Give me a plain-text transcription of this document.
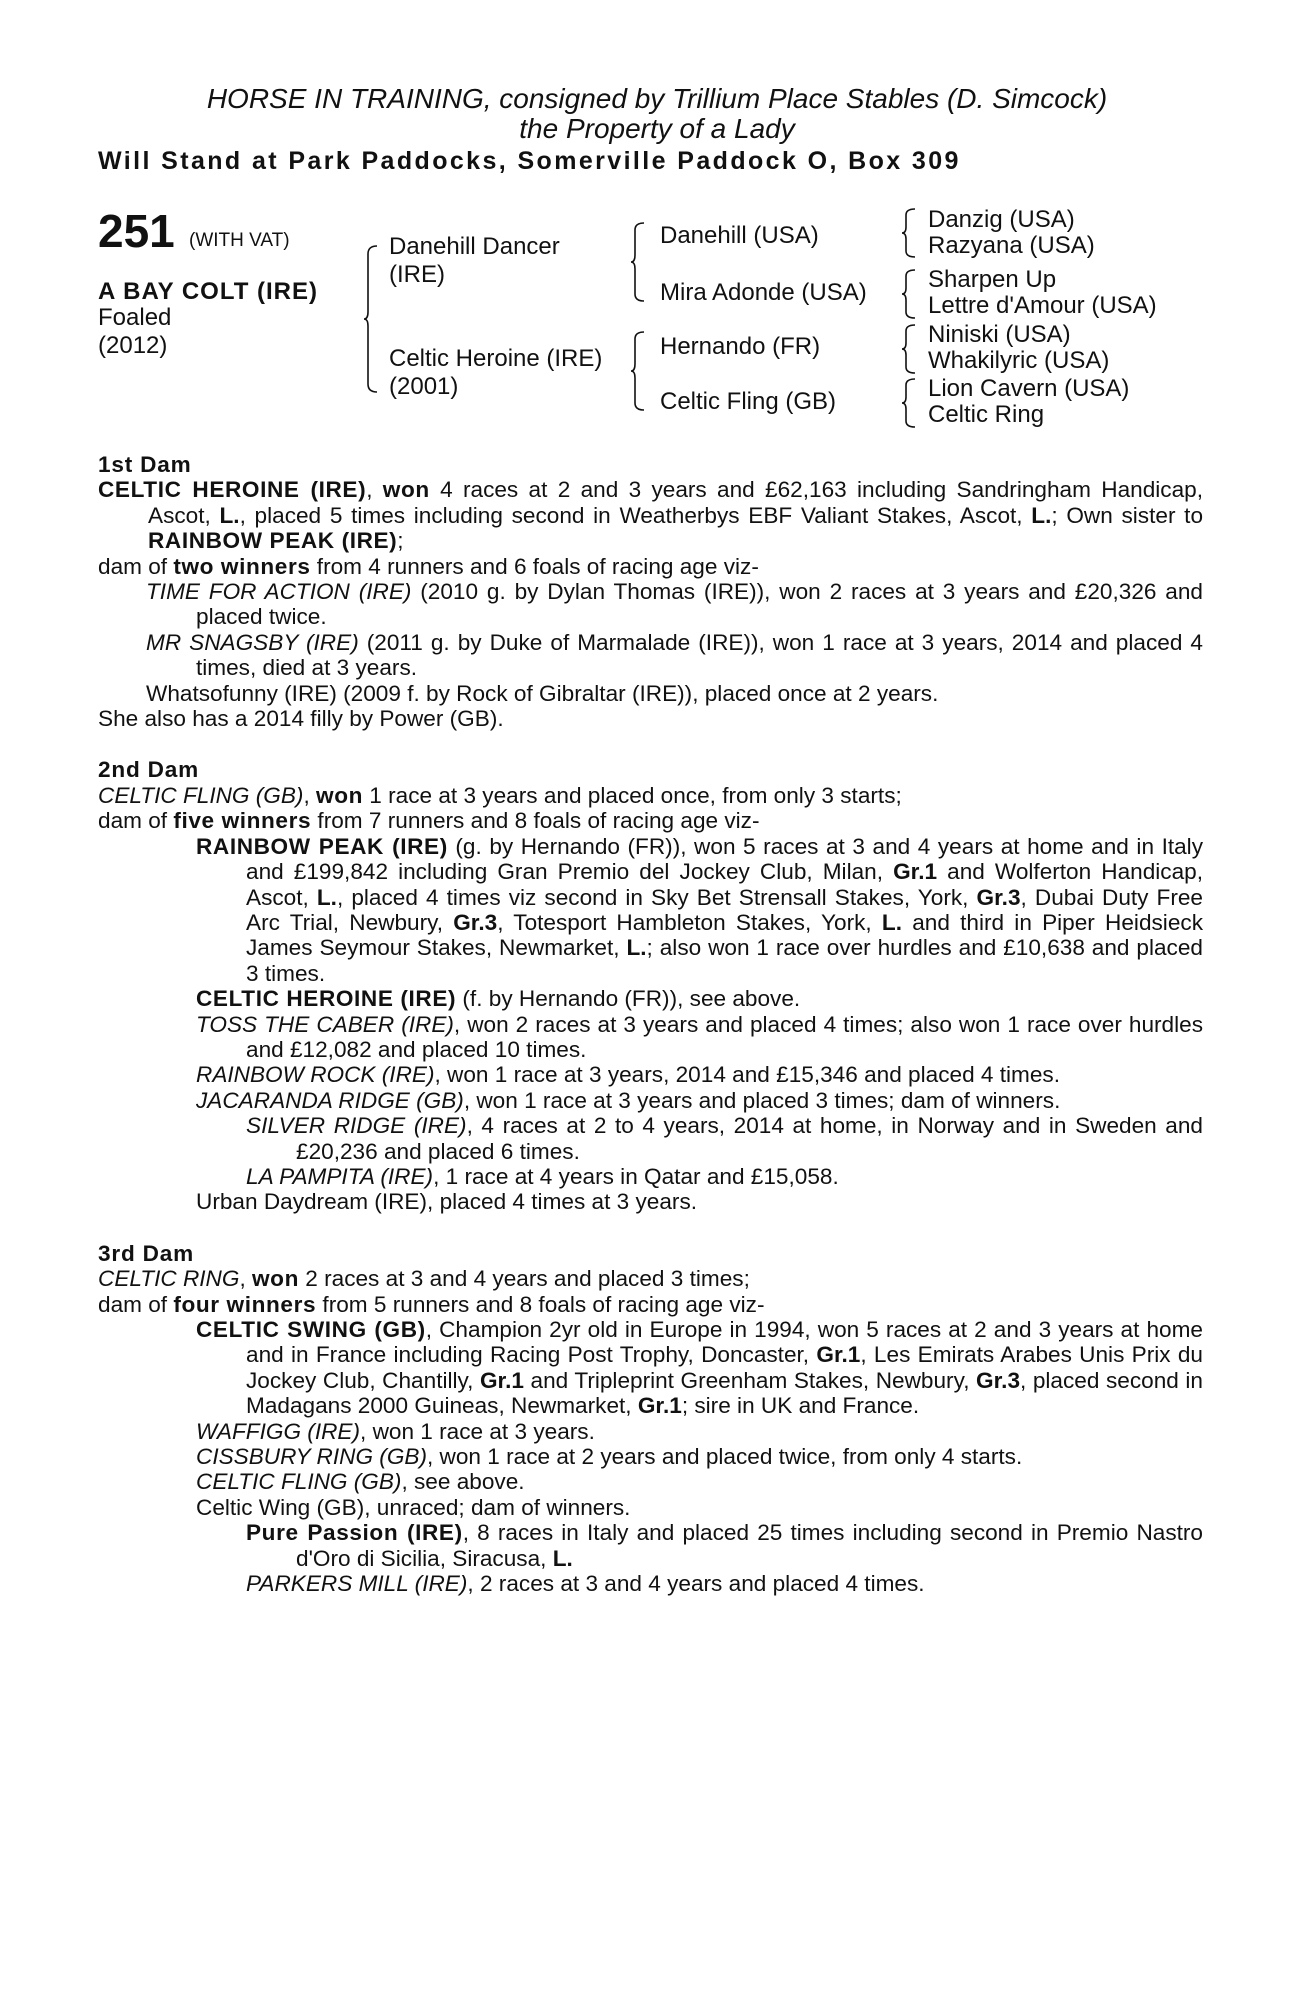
HORSE IN TRAINING, consigned by Trillium Place Stables (D. Simcock)
the Property of a Lady
Will Stand at Park Paddocks, Somerville Paddock O, Box 309
251 (WITH VAT)
A BAY COLT (IRE)
Foaled
(2012)
Danehill Dancer
(IRE)
Celtic Heroine (IRE)
(2001)
Danehill (USA)
Mira Adonde (USA)
Hernando (FR)
Celtic Fling (GB)
Danzig (USA)
Razyana (USA)
Sharpen Up
Lettre d'Amour (USA)
Niniski (USA)
Whakilyric (USA)
Lion Cavern (USA)
Celtic Ring
1st Dam
CELTIC HEROINE (IRE), won 4 races at 2 and 3 years and £62,163 including Sandringham Handicap, Ascot, L., placed 5 times including second in Weatherbys EBF Valiant Stakes, Ascot, L.; Own sister to RAINBOW PEAK (IRE);
dam of two winners from 4 runners and 6 foals of racing age viz-
TIME FOR ACTION (IRE) (2010 g. by Dylan Thomas (IRE)), won 2 races at 3 years and £20,326 and placed twice.
MR SNAGSBY (IRE) (2011 g. by Duke of Marmalade (IRE)), won 1 race at 3 years, 2014 and placed 4 times, died at 3 years.
Whatsofunny (IRE) (2009 f. by Rock of Gibraltar (IRE)), placed once at 2 years.
She also has a 2014 filly by Power (GB).
2nd Dam
CELTIC FLING (GB), won 1 race at 3 years and placed once, from only 3 starts;
dam of five winners from 7 runners and 8 foals of racing age viz-
RAINBOW PEAK (IRE) (g. by Hernando (FR)), won 5 races at 3 and 4 years at home and in Italy and £199,842 including Gran Premio del Jockey Club, Milan, Gr.1 and Wolferton Handicap, Ascot, L., placed 4 times viz second in Sky Bet Strensall Stakes, York, Gr.3, Dubai Duty Free Arc Trial, Newbury, Gr.3, Totesport Hambleton Stakes, York, L. and third in Piper Heidsieck James Seymour Stakes, Newmarket, L.; also won 1 race over hurdles and £10,638 and placed 3 times.
CELTIC HEROINE (IRE) (f. by Hernando (FR)), see above.
TOSS THE CABER (IRE), won 2 races at 3 years and placed 4 times; also won 1 race over hurdles and £12,082 and placed 10 times.
RAINBOW ROCK (IRE), won 1 race at 3 years, 2014 and £15,346 and placed 4 times.
JACARANDA RIDGE (GB), won 1 race at 3 years and placed 3 times; dam of winners.
SILVER RIDGE (IRE), 4 races at 2 to 4 years, 2014 at home, in Norway and in Sweden and £20,236 and placed 6 times.
LA PAMPITA (IRE), 1 race at 4 years in Qatar and £15,058.
Urban Daydream (IRE), placed 4 times at 3 years.
3rd Dam
CELTIC RING, won 2 races at 3 and 4 years and placed 3 times;
dam of four winners from 5 runners and 8 foals of racing age viz-
CELTIC SWING (GB), Champion 2yr old in Europe in 1994, won 5 races at 2 and 3 years at home and in France including Racing Post Trophy, Doncaster, Gr.1, Les Emirats Arabes Unis Prix du Jockey Club, Chantilly, Gr.1 and Tripleprint Greenham Stakes, Newbury, Gr.3, placed second in Madagans 2000 Guineas, Newmarket, Gr.1; sire in UK and France.
WAFFIGG (IRE), won 1 race at 3 years.
CISSBURY RING (GB), won 1 race at 2 years and placed twice, from only 4 starts.
CELTIC FLING (GB), see above.
Celtic Wing (GB), unraced; dam of winners.
Pure Passion (IRE), 8 races in Italy and placed 25 times including second in Premio Nastro d'Oro di Sicilia, Siracusa, L.
PARKERS MILL (IRE), 2 races at 3 and 4 years and placed 4 times.
